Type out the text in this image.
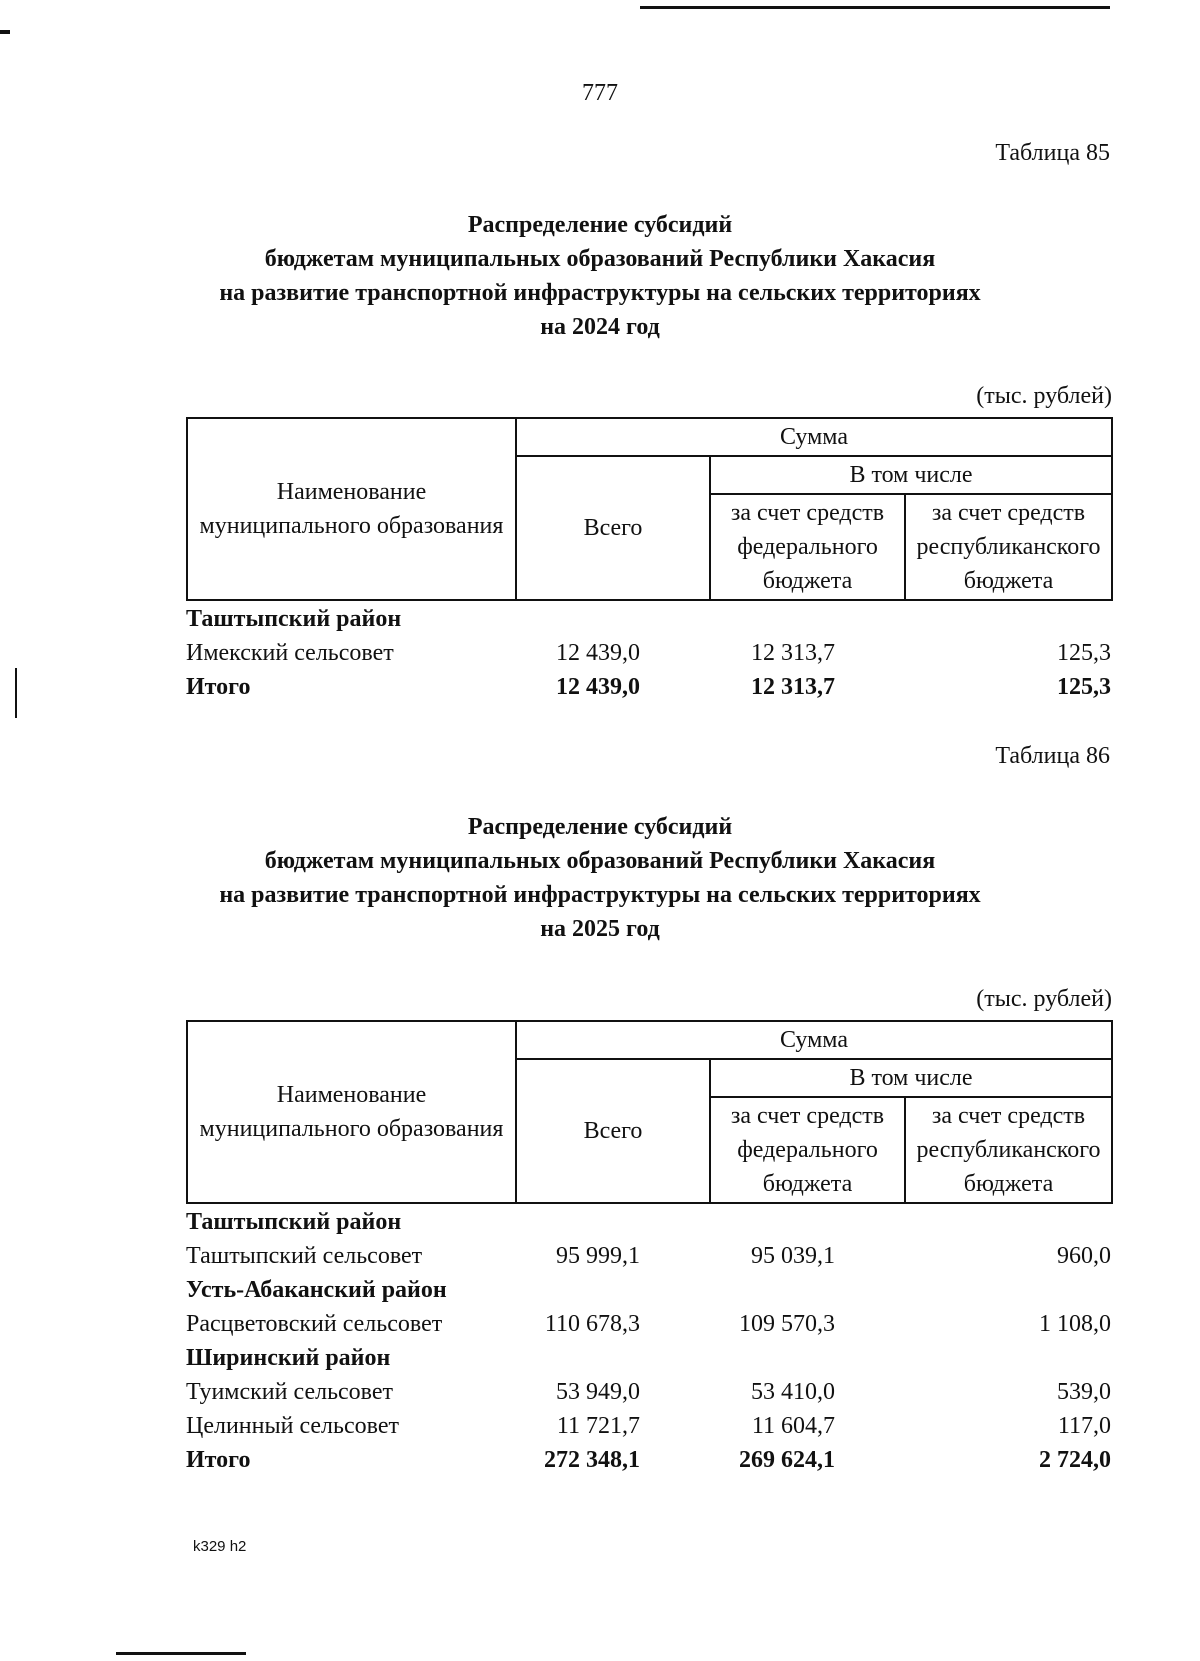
777
Таблица 85
Распределение субсидий
бюджетам муниципальных образований Республики Хакасия
на развитие транспортной инфраструктуры на сельских территориях
на 2024 год
(тыс. рублей)
Наименование муниципального образования	Сумма		
	Всего	В том числе	
		за счет средств федерального бюджета	за счет средств республиканского бюджета
Таштыпский район
Имекский сельсовет	12 439,0	12 313,7	125,3
Итого	12 439,0	12 313,7	125,3
Таблица 86
Распределение субсидий
бюджетам муниципальных образований Республики Хакасия
на развитие транспортной инфраструктуры на сельских территориях
на 2025 год
(тыс. рублей)
Наименование муниципального образования	Сумма		
	Всего	В том числе	
		за счет средств федерального бюджета	за счет средств республиканского бюджета
Таштыпский район
Таштыпский сельсовет	95 999,1	95 039,1	960,0
Усть-Абаканский район
Расцветовский сельсовет	110 678,3	109 570,3	1 108,0
Ширинский район
Туимский сельсовет	53 949,0	53 410,0	539,0
Целинный сельсовет	11 721,7	11 604,7	117,0
Итого	272 348,1	269 624,1	2 724,0
k329 h2
